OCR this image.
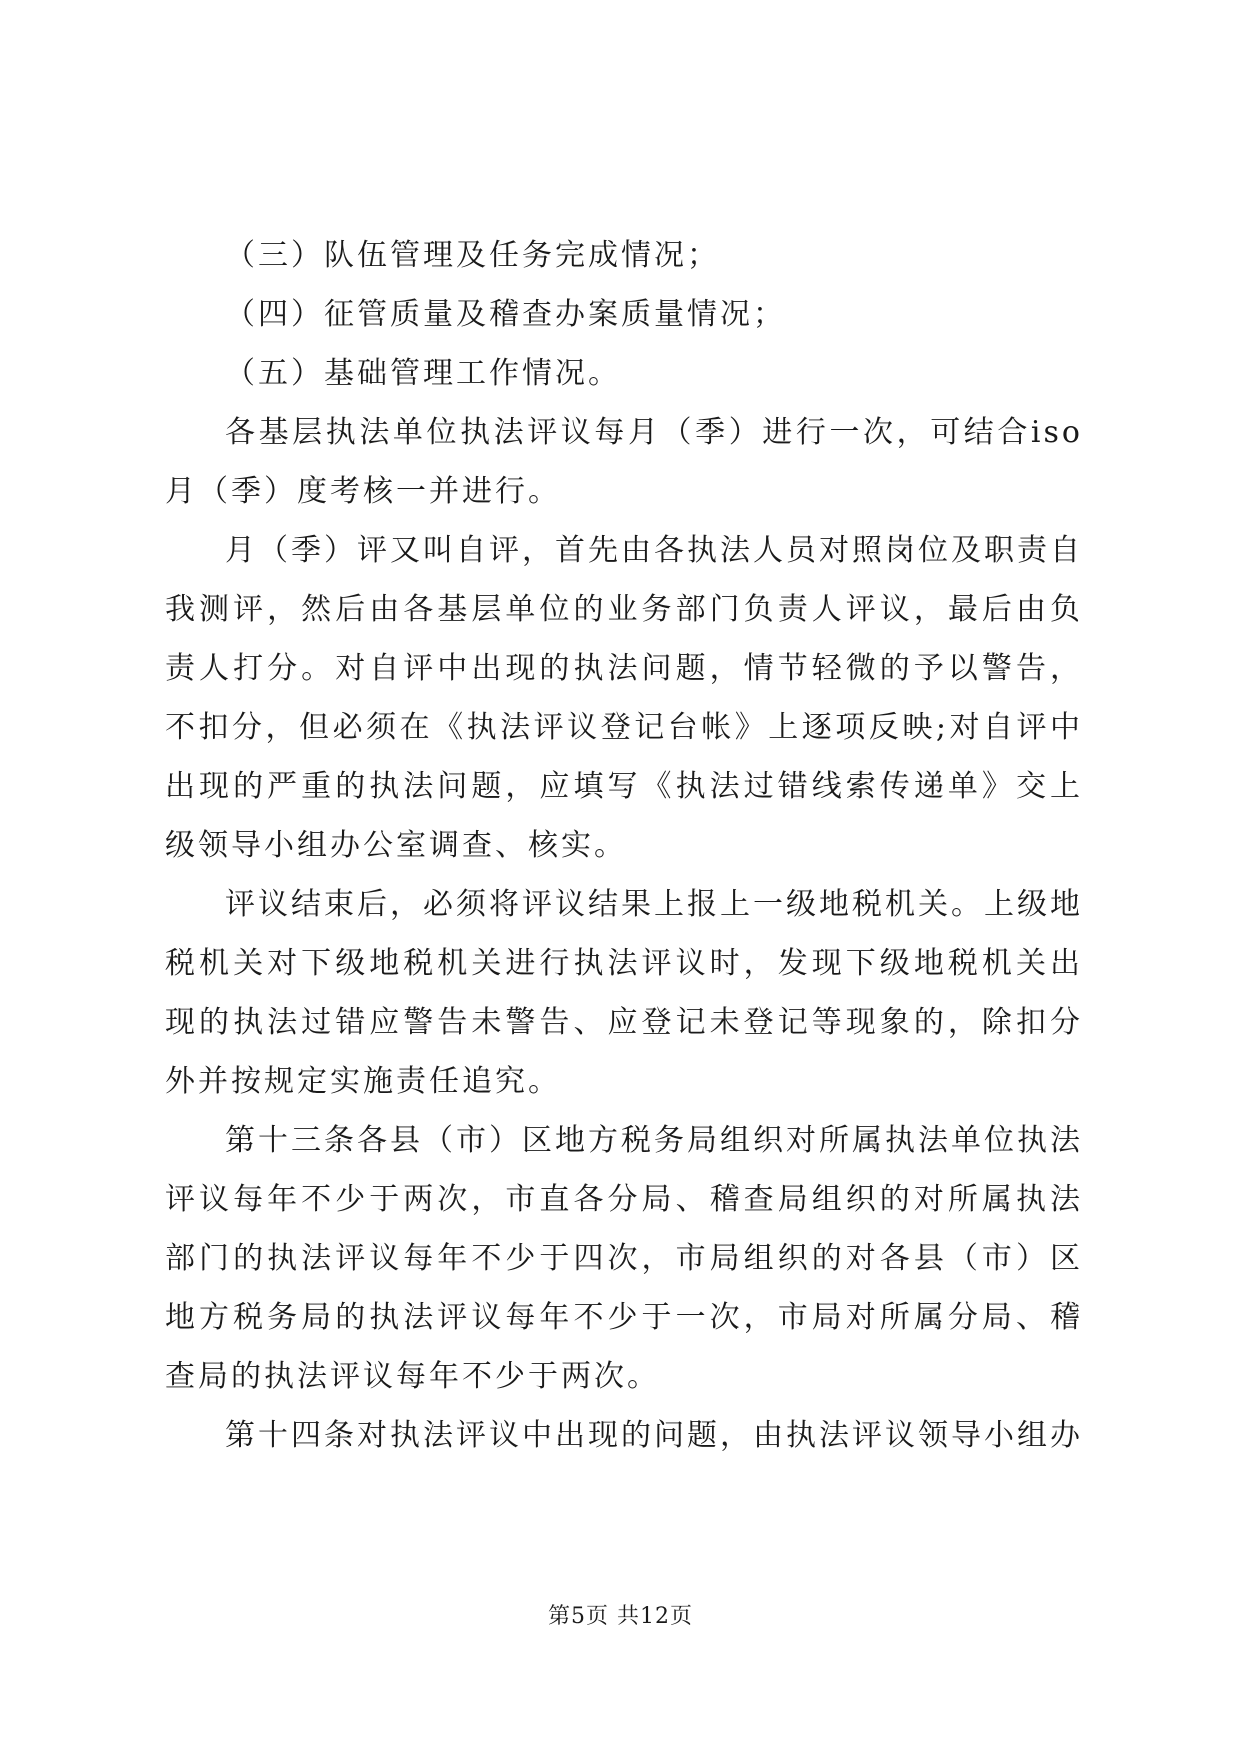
（三）队伍管理及任务完成情况；

（四）征管质量及稽查办案质量情况；

（五）基础管理工作情况。

各基层执法单位执法评议每月（季）进行一次，可结合iso月（季）度考核一并进行。

月（季）评又叫自评，首先由各执法人员对照岗位及职责自我测评，然后由各基层单位的业务部门负责人评议，最后由负责人打分。对自评中出现的执法问题，情节轻微的予以警告，不扣分，但必须在《执法评议登记台帐》上逐项反映;对自评中出现的严重的执法问题，应填写《执法过错线索传递单》交上级领导小组办公室调查、核实。

评议结束后，必须将评议结果上报上一级地税机关。上级地税机关对下级地税机关进行执法评议时，发现下级地税机关出现的执法过错应警告未警告、应登记未登记等现象的，除扣分外并按规定实施责任追究。

第十三条各县（市）区地方税务局组织对所属执法单位执法评议每年不少于两次，市直各分局、稽查局组织的对所属执法部门的执法评议每年不少于四次，市局组织的对各县（市）区地方税务局的执法评议每年不少于一次，市局对所属分局、稽查局的执法评议每年不少于两次。

第十四条对执法评议中出现的问题，由执法评议领导小组办

第5页 共12页
